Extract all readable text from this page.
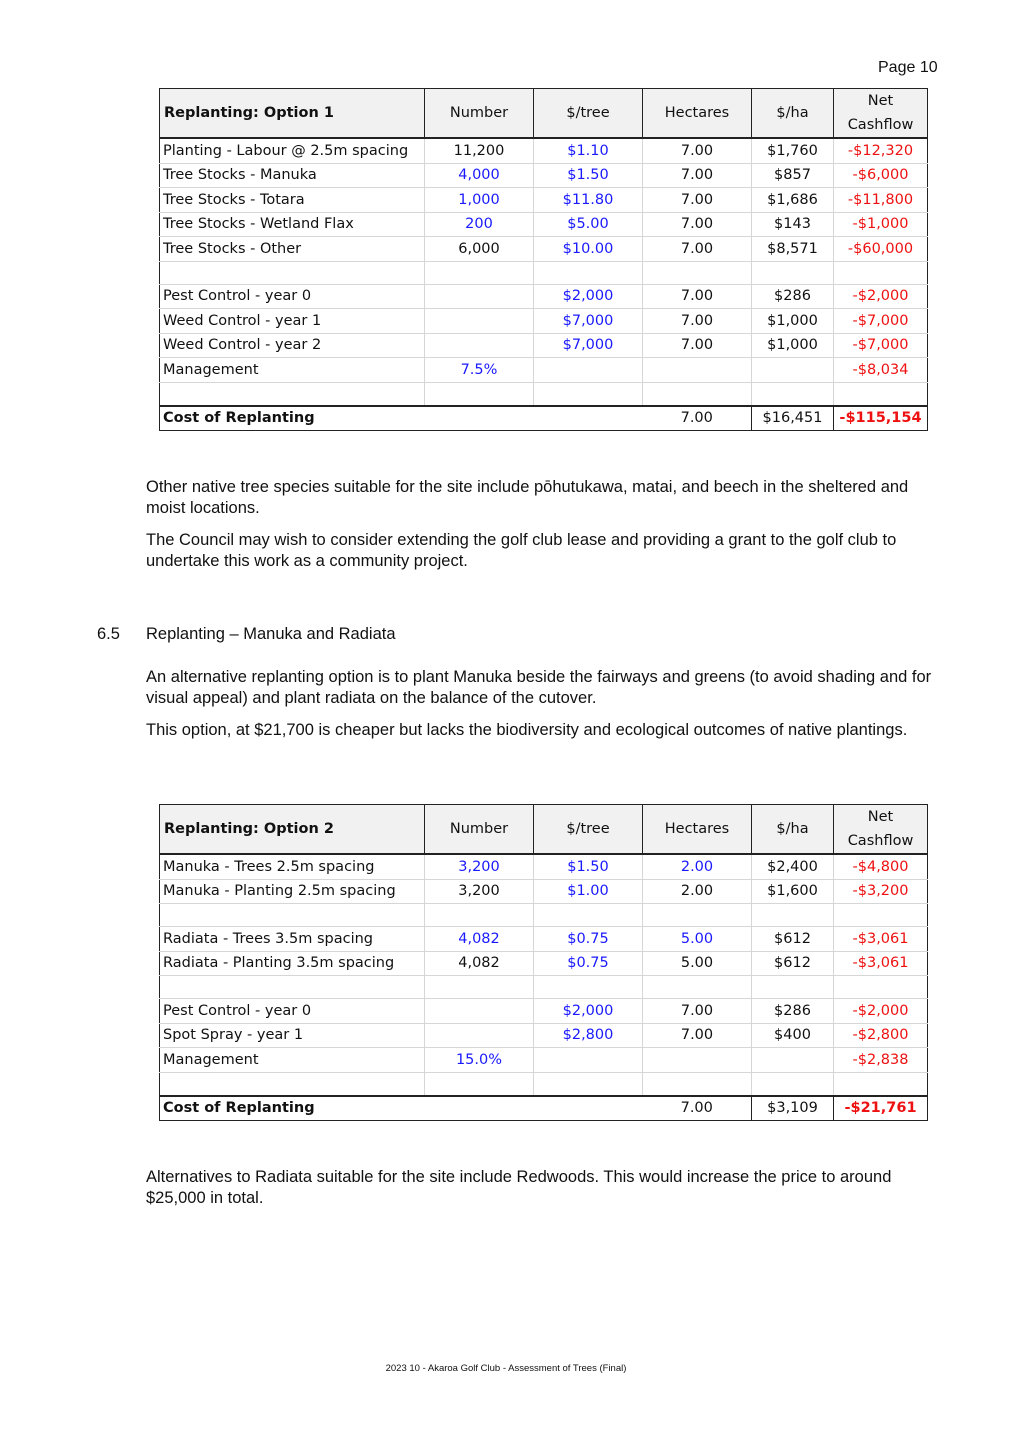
Page 10
Replanting: Option 1	Number	$/tree	Hectares	$/ha	Net
Cashflow
Planting - Labour @ 2.5m spacing	11,200	$1.10	7.00	$1,760	-$12,320
Tree Stocks - Manuka	4,000	$1.50	7.00	$857	-$6,000
Tree Stocks - Totara	1,000	$11.80	7.00	$1,686	-$11,800
Tree Stocks - Wetland Flax	200	$5.00	7.00	$143	-$1,000
Tree Stocks - Other	6,000	$10.00	7.00	$8,571	-$60,000

Pest Control - year 0		$2,000	7.00	$286	-$2,000
Weed Control - year 1		$7,000	7.00	$1,000	-$7,000
Weed Control - year 2		$7,000	7.00	$1,000	-$7,000
Management	7.5%				-$8,034

Cost of Replanting			7.00	$16,451	-$115,154

Other native tree species suitable for the site include pōhutukawa, matai, and beech in the sheltered and moist locations.

The Council may wish to consider extending the golf club lease and providing a grant to the golf club to undertake this work as a community project.

6.5 Replanting – Manuka and Radiata

An alternative replanting option is to plant Manuka beside the fairways and greens (to avoid shading and for visual appeal) and plant radiata on the balance of the cutover.

This option, at $21,700 is cheaper but lacks the biodiversity and ecological outcomes of native plantings.

Replanting: Option 2	Number	$/tree	Hectares	$/ha	Net
Cashflow
Manuka - Trees 2.5m spacing	3,200	$1.50	2.00	$2,400	-$4,800
Manuka - Planting 2.5m spacing	3,200	$1.00	2.00	$1,600	-$3,200

Radiata - Trees 3.5m spacing	4,082	$0.75	5.00	$612	-$3,061
Radiata - Planting 3.5m spacing	4,082	$0.75	5.00	$612	-$3,061

Pest Control - year 0		$2,000	7.00	$286	-$2,000
Spot Spray - year 1		$2,800	7.00	$400	-$2,800
Management	15.0%				-$2,838

Cost of Replanting			7.00	$3,109	-$21,761

Alternatives to Radiata suitable for the site include Redwoods. This would increase the price to around $25,000 in total.

2023 10 - Akaroa Golf Club - Assessment of Trees (Final)
